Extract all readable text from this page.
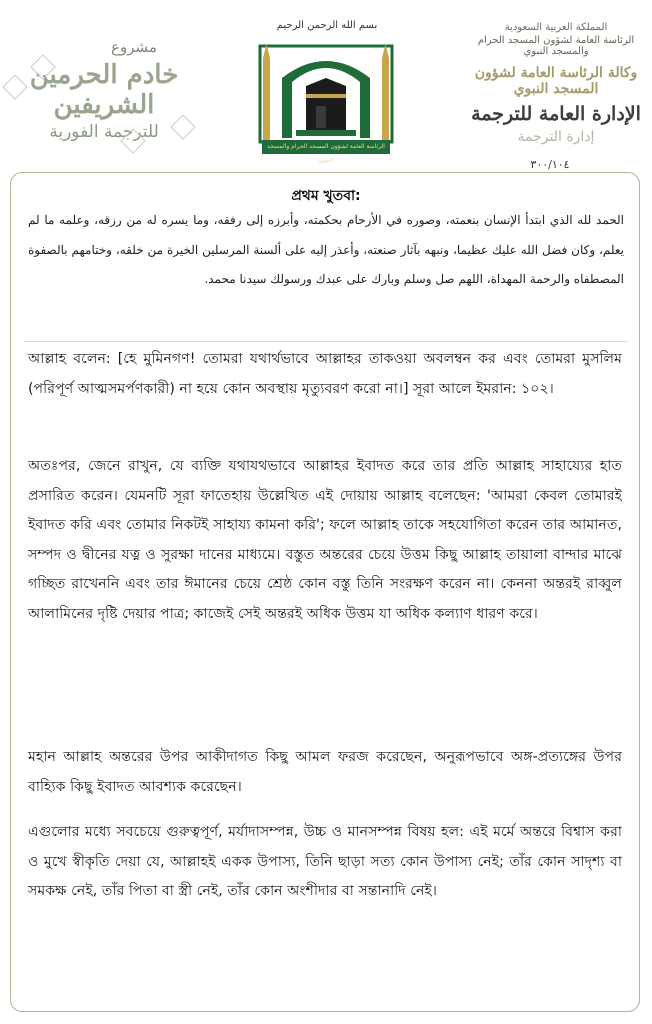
مشروع
خادم الحرمين الشريفين
للترجمة الفورية
بسم الله الرحمن الرحيم
الرئاسة العامة لشؤون المسجد الحرام والمسجد النبوي
المملكة العربية السعودية
الرئاسة العامة لشؤون المسجد الحرام والمسجد النبوي
وكالة الرئاسة العامة لشؤون المسجد النبوي
الإدارة العامة للترجمة
إدارة الترجمة
٣٠٠/١٠٤
প্রথম খুতবা:
الحمد لله الذي ابتدأ الإنسان بنعمته، وصوره في الأرحام بحكمته، وأبرزه إلى رفقه، وما يسره له من رزقه، وعلمه ما لم يعلم، وكان فضل الله عليك عظيما، ونبهه بآثار صنعته، وأعذر إليه على ألسنة المرسلين الخيرة من خلقه، وختامهم بالصفوة المصطفاه والرحمة المهداة، اللهم صل وسلم وبارك على عبدك ورسولك سيدنا محمد.
আল্লাহ বলেন: [হে মুমিনগণ! তোমরা যথার্থভাবে আল্লাহর তাকওয়া অবলম্বন কর এবং তোমরা মুসলিম (পরিপূর্ণ আত্মসমর্পণকারী) না হয়ে কোন অবস্থায় মৃত্যুবরণ করো না।] সূরা আলে ইমরান: ১০২।
অতঃপর, জেনে রাখুন, যে ব্যক্তি যথাযথভাবে আল্লাহর ইবাদত করে তার প্রতি আল্লাহ সাহায্যের হাত প্রসারিত করেন। যেমনটি সূরা ফাতেহায় উল্লেখিত এই দোয়ায় আল্লাহ বলেছেন: 'আমরা কেবল তোমারই ইবাদত করি এবং তোমার নিকটই সাহায্য কামনা করি'; ফলে আল্লাহ তাকে সহযোগিতা করেন তার আমানত, সম্পদ ও দ্বীনের যত্ন ও সুরক্ষা দানের মাধ্যমে। বস্তুত অন্তরের চেয়ে উত্তম কিছু আল্লাহ তায়ালা বান্দার মাঝে গচ্ছিত রাখেননি এবং তার ঈমানের চেয়ে শ্রেষ্ঠ কোন বস্তু তিনি সংরক্ষণ করেন না। কেননা অন্তরই রাব্বুল আলামিনের দৃষ্টি দেয়ার পাত্র; কাজেই সেই অন্তরই অধিক উত্তম যা অধিক কল্যাণ ধারণ করে।
মহান আল্লাহ অন্তরের উপর আকীদাগত কিছু আমল ফরজ করেছেন, অনুরূপভাবে অঙ্গ-প্রত্যঙ্গের উপর বাহ্যিক কিছু ইবাদত আবশ্যক করেছেন।
এগুলোর মধ্যে সবচেয়ে গুরুত্বপূর্ণ, মর্যাদাসম্পন্ন, উচ্চ ও মানসম্পন্ন বিষয় হল: এই মর্মে অন্তরে বিশ্বাস করা ও মুখে স্বীকৃতি দেয়া যে, আল্লাহই একক উপাস্য, তিনি ছাড়া সত্য কোন উপাস্য নেই; তাঁর কোন সাদৃশ্য বা সমকক্ষ নেই, তাঁর পিতা বা স্ত্রী নেই, তাঁর কোন অংশীদার বা সন্তানাদি নেই।
